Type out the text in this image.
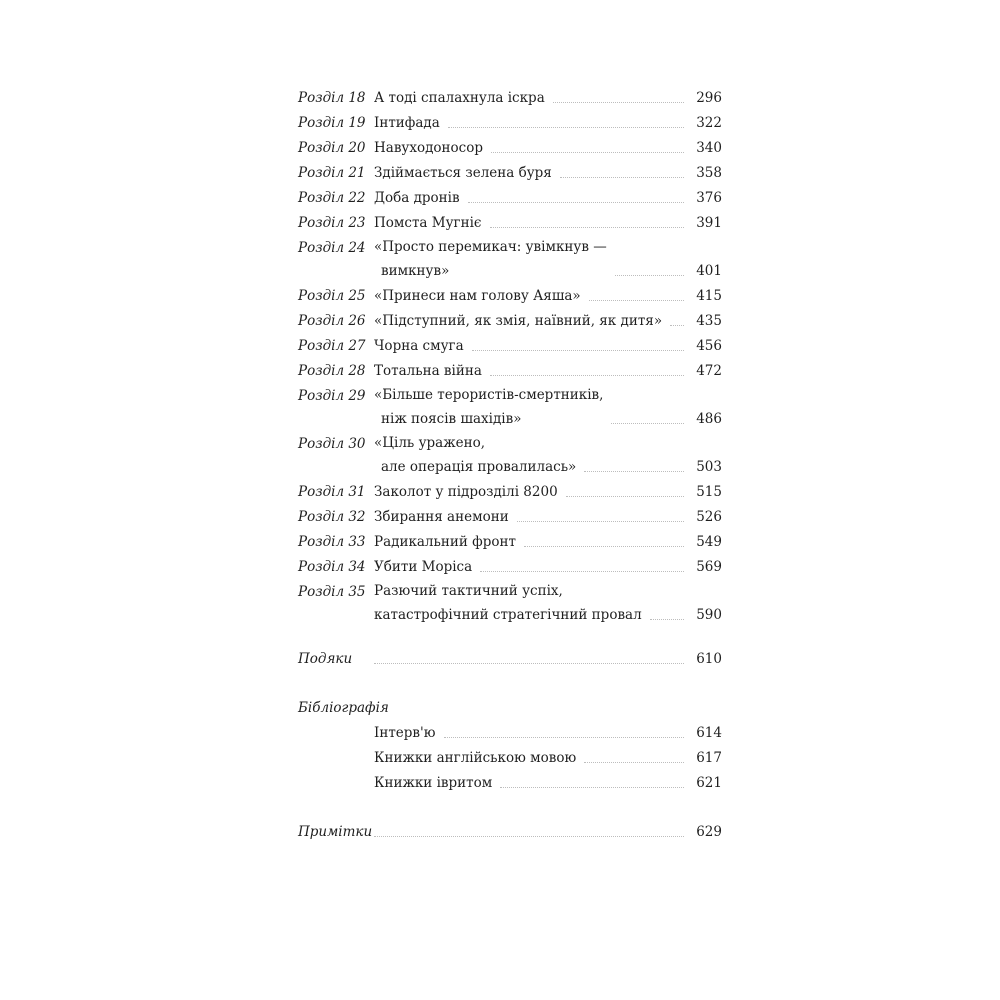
Розділ 18 А тоді спалахнула іскра	296
Розділ 19 Інтифада	322
Розділ 20 Навуходоносор	340
Розділ 21 Здіймається зелена буря	358
Розділ 22 Доба дронів	376
Розділ 23 Помста Мугніє	391
Розділ 24 «Просто перемикач: увімкнув —
вимкнув»	401
Розділ 25 «Принеси нам голову Аяша»	415
Розділ 26 «Підступний, як змія, наївний, як дитя»	435
Розділ 27 Чорна смуга	456
Розділ 28 Тотальна війна	472
Розділ 29 «Більше терористів-смертників,
ніж поясів шахідів»	486
Розділ 30 «Ціль уражено,
але операція провалилась»	503
Розділ 31 Заколот у підрозділі 8200	515
Розділ 32 Збирання анемони	526
Розділ 33 Радикальний фронт	549
Розділ 34 Убити Моріса	569
Розділ 35 Разючий тактичний успіх,
катастрофічний стратегічний провал	590
Подяки	610
Бібліографія
Інтерв'ю	614
Книжки англійською мовою	617
Книжки івритом	621
Примітки	629
